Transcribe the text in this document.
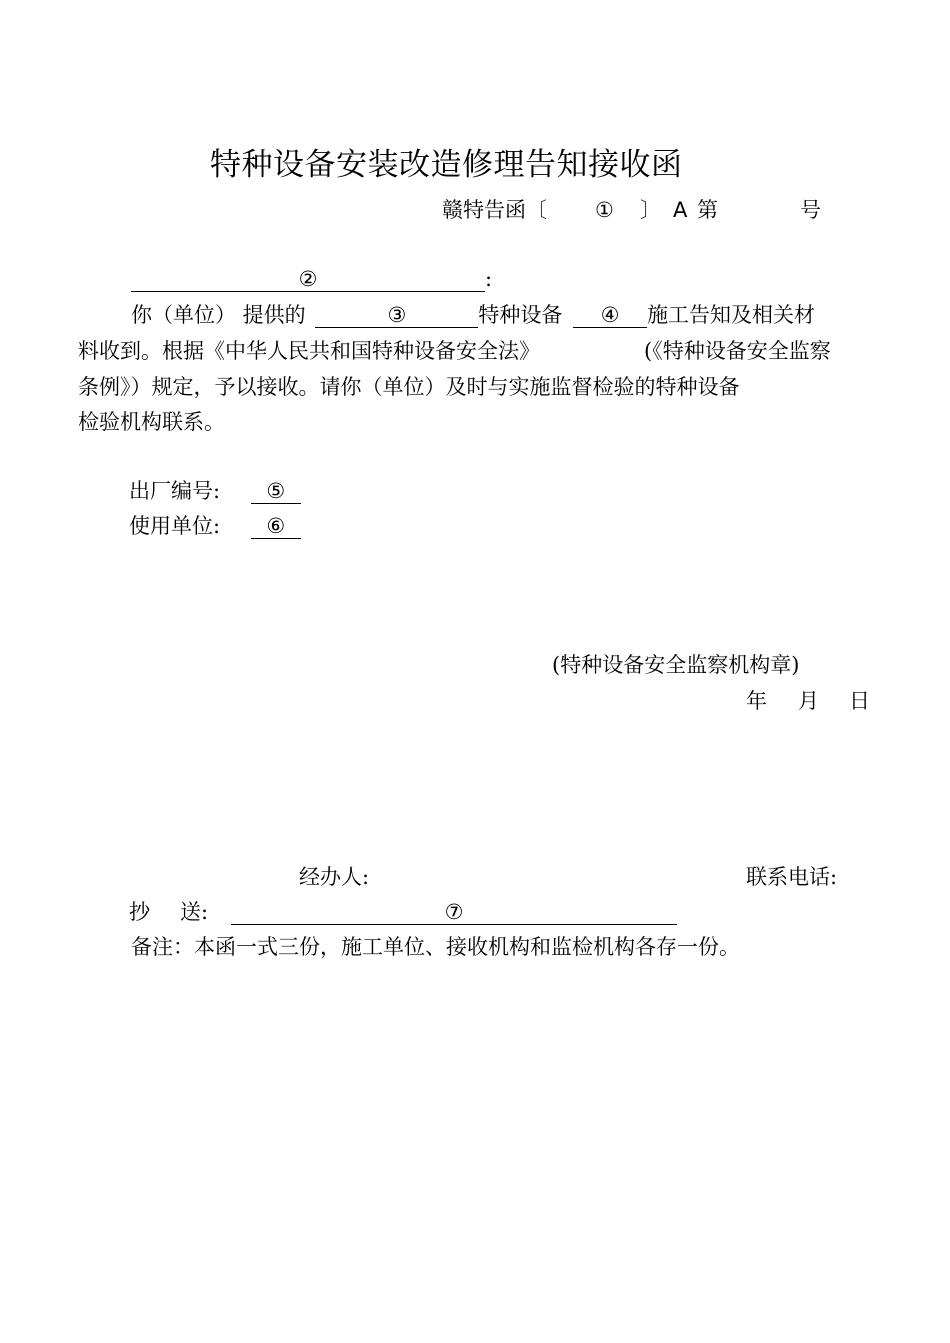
特种设备安装改造修理告知接收函
赣特告函〔 ① 〕 A 第	号
②	:
你（单位） 提供的	③	特种设备 ④ 施工告知及相关材
料收到。根据《中华人民共和国特种设备安全法》	(《特种设备安全监察
条例》）规定，予以接收。请你（单位）及时与实施监督检验的特种设备
检验机构联系。
出厂编号: ⑤
使用单位: ⑥
(特种设备安全监察机构章)
年 月 日
经办人:	联系电话:
抄 送:	⑦
备注：本函一式三份，施工单位、接收机构和监检机构各存一份。
